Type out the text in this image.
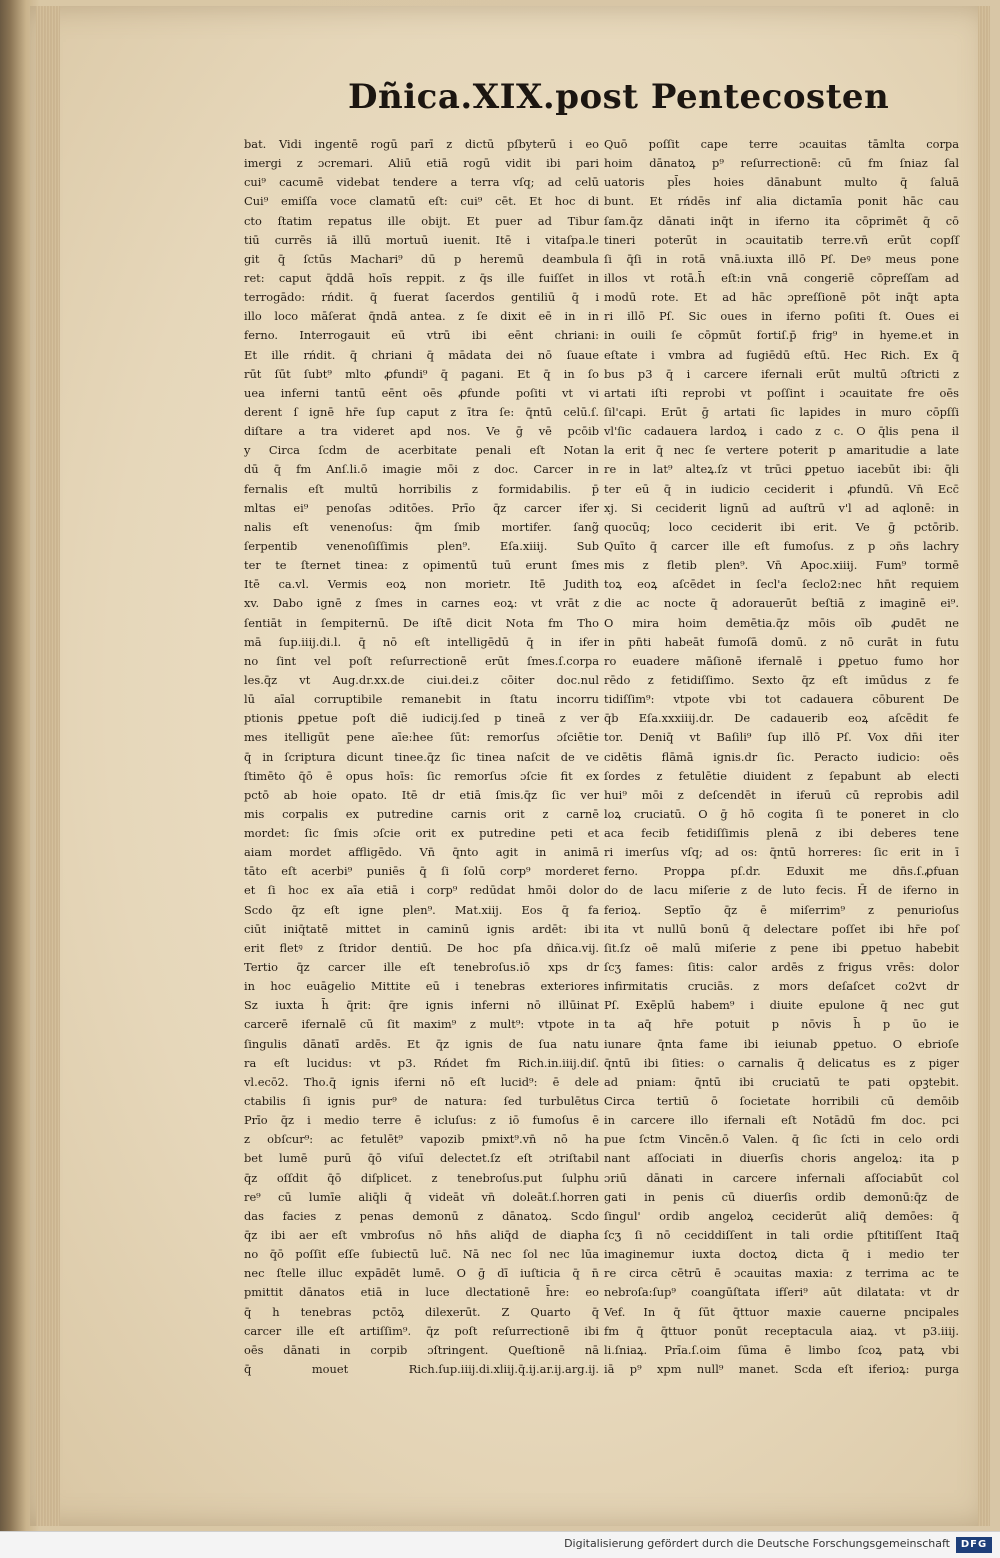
Dñica.XIX.post Pentecosten
bat. Vidi ingentē rogū parī z dictū pſbyterū i eo
imergi z ɔcremari. Aliū etiā rogū vidit ibi pari
cui⁹ cacumē videbat tendere a terra vſq; ad celū
Cui⁹ emiſſa voce clamatū eſt: cui⁹ cēt. Et hoc di
cto ſtatim repatus ille obijt. Et puer ad Tibur
tiū currēs iā illū mortuū iuenit. Itē i vitaſpa.le
git q̄ ſctūs Machari⁹ dū p heremū deambula
ret: caput q̄ddā hoīs reppit. z q̄s ille fuiſſet in
terrogādo: rńdit. q̄ fuerat ſacerdos gentiliū q̄ i
illo loco māſerat q̄ndā antea. z ſe dixit eē in in
ferno. Interrogauit eū vtrū ibi eēnt chriani:
Et ille rńdit. q̄ chriani q̄ mādata dei nō ſuaue
rūt ſūt ſubt⁹ mlto ꝓfundi⁹ q̄ pagani. Et q̄ in ſo
uea inferni tantū eēnt oēs ꝓfunde poſiti vt vi
derent ſ ignē hr̄e ſup caput z ītra ſe: q̄ntū celū.ſ.
diſtare a tra videret apd nos. Ve ḡ vē pcōib
y Circa ſcdm de acerbitate penali eſt Notan
dū q̄ fm Anſ.li.ō imagie mōi z doc. Carcer in
fernalis eſt multū horribilis z formidabilis. p̄
mltas ei⁹ penoſas ɔditōes. Prīo q̄z carcer ifer
nalis eſt venenoſus: q̄m ſmib mortifer. ſang̃
ſerpentib venenoſiſſimis plen⁹. Eſa.xiiij. Sub
ter te ſternet tinea: z opimentū tuū erunt ſmes
Itē ca.vl. Vermis eoꝝ non morietr. Itē Judith
xv. Dabo ignē z ſmes in carnes eoꝝ: vt vrāt z
ſentiāt in ſempiternū. De iſtē dicit Nota fm Tho
mā ſup.iiij.di.l. q̄ nō eſt intelligēdū q̄ in ifer
no ſint vel poſt reſurrectionē erūt ſmes.ſ.corpa
les.q̄z vt Aug.dr.xx.de ciui.dei.z cōiter doc.nul
lū aīal corruptibile remanebit in ſtatu incorru
ptionis ꝑpetue poſt diē iudicij.ſed p tineā z ver
mes itelligūt pene aīe:hee ſūt: remorſus ɔſciētie
q̄ in ſcriptura dicunt tinee.q̄z ſic tinea naſcit de ve
ſtimēto q̄ō ē opus hoīs: ſic remorſus ɔſcie fit ex
pctō ab hoie opato. Itē dr etiā ſmis.q̄z ſic ver
mis corpalis ex putredine carnis orit z carnē
mordet: ſic ſmis ɔſcie orit ex putredine peti et
aiam mordet affligēdo. Vn̄ q̄nto agit in animā
tāto eſt acerbi⁹ puniēs q̄ ſi ſolū corp⁹ morderet
et ſi hoc ex aīa etiā i corp⁹ redūdat hmōi dolor
Scdo q̄z eſt igne plen⁹. Mat.xiij. Eos q̄ fa
ciūt iniq̄tatē mittet in caminū ignis ardēt: ibi
erit fletꝰ z ſtridor dentiū. De hoc pſa dñica.vij.
Tertio q̄z carcer ille eſt tenebroſus.iō xps dr
in hoc euāgelio Mittite eū i tenebras exteriores
Sz iuxta h̄ q̄rit: q̄re ignis inferni nō illūinat
carcerē ifernalē cū ſit maxim⁹ z mult⁹: vtpote in
ſingulis dānatī ardēs. Et q̄z ignis de ſua natu
ra eſt lucidus: vt p3. Rńdet fm Rich.in.iiij.diſ.
vl.ecō2. Tho.q̄ ignis iferni nō eſt lucid⁹: ē dele
ctabilis ſi ignis pur⁹ de natura: ſed turbulētus
Prīo q̄z i medio terre ē icluſus: z iō fumoſus ē
z obſcur⁹: ac fetulēt⁹ vapozib pmixt⁹.vn̄ nō ha
bet lumē purū q̄ō viſuī delectet.ſz eſt ɔtriſtabil
q̄z oſſdit q̄ō diſplicet. z tenebroſus.put ſulphu
re⁹ cū lumīe aliq̄li q̄ videāt vn̄ doleāt.ſ.horren
das facies z penas demonū z dānatoꝝ. Scdo
q̄z ibi aer eſt vmbroſus nō hn̄s aliq̄d de diapha
no q̄ō poſſit eſſe ſubiectū luc̄. Nā nec ſol nec lūa
nec ſtelle illuc expādēt lumē. O ḡ dī iuſticia q̄ n̄
pmittit dānatos etiā in luce dlectationē h̄re: eo
q̄ h tenebras pctōꝝ dilexerūt. Z Quarto q̄
carcer ille eſt artiſſim⁹. q̄z poſt reſurrectionē ibi
oēs dānati in corpib ɔſtringent. Queſtionē nā
q̄ mouet Rich.ſup.iiij.di.xliij.q̄.ij.ar.ij.arg.ij.
Quō poſſit cape terre ɔcauitas tāmlta corpa
hoim dānatoꝝ p⁹ reſurrectionē: cū fm ſniaz ſal
uatoris pl̄es hoies dānabunt multo q̄ ſaluā
bunt. Et rńdēs inf alia dictamīa ponit hāc cau
ſam.q̄z dānati inq̄t in iferno ita cōprimēt q̄ cō
tineri poterūt in ɔcauitatib terre.vn̄ erūt copſſ
ſi q̄ſi in rotā vnā.iuxta illō Pſ. Deꝰ meus pone
illos vt rotā.h̄ eſt:in vnā congeriē cōpreſſam ad
modū rote. Et ad hāc ɔpreſſionē pōt inq̄t apta
ri illō Pſ. Sic oues in iferno poſiti ſt. Oues ei
in ouili ſe cōpmūt fortiſ.p̄ frig⁹ in hyeme.et in
eſtate i vmbra ad fugiēdū eſtū. Hec Rich. Ex q̄
bus p3 q̄ i carcere ifernali erūt multū ɔſtricti z
artati iſti reprobi vt poſſint i ɔcauitate fre oēs
ſil'capi. Erūt ḡ artati ſic lapides in muro cōpſſi
vl'ſic cadauera lardoꝝ i cado z c. O q̄lis pena il
la erit q̄ nec ſe vertere poterit p amaritudie a late
re in lat⁹ alteꝝ.ſz vt trūci ꝑpetuo iacebūt ibi: q̄li
ter eū q̄ in iudicio ceciderit i ꝓfundū. Vn̄ Ecc̄
xj. Si ceciderit lignū ad auſtrū v'l ad aqlonē: in
quocūq; loco ceciderit ibi erit. Ve ḡ pctōrib.
Quīto q̄ carcer ille eſt fumoſus. z p ɔn̄s lachry
mis z fletib plen⁹. Vn̄ Apoc.xiiij. Fum⁹ tormē
toꝝ eoꝝ aſcēdet in ſecl'a ſeclo2:nec hn̄t requiem
die ac nocte q̄ adorauerūt beſtiā z imaginē ei⁹.
O mira hoim demētia.q̄z mōis oīb ꝓudēt ne
in pn̄ti habeāt fumoſā domū. z nō curāt in futu
ro euadere māſionē ifernalē i ꝑpetuo fumo hor
rēdo z fetidiſſimo. Sexto q̄z eſt imūdus z fe
tidiſſim⁹: vtpote vbi tot cadauera cōburent De
q̄b Eſa.xxxiiij.dr. De cadauerib eoꝝ aſcēdit fe
tor. Deniq̄ vt Baſili⁹ ſup illō Pſ. Vox dn̄i iter
cidētis flāmā ignis.dr ſic. Peracto iudicio: oēs
ſordes z fetulētie diuident z ſepabunt ab electi
hui⁹ mōi z deſcendēt in iferuū cū reprobis adil
loꝝ cruciatū. O ḡ hō cogita ſi te poneret in clo
aca fecib fetidiſſimis plenā z ibi deberes tene
ri imerſus vſq; ad os: q̄ntū horreres: ſic erit in ī
ferno. Propꝑa pſ.dr. Eduxit me dn̄s.ſ.ꝓfuan
do de lacu miſerie z de luto fecis. H̄ de iferno in
ferioꝝ. Septīo q̄z ē miſerrim⁹ z penurioſus
ita vt nullū bonū q̄ delectare poſſet ibi hr̄e poſ
ſit.ſz oē malū miſerie z pene ibi ꝑpetuo habebit
ſcʒ fames: ſitis: calor ardēs z frigus vrēs: dolor
infirmitatis cruciās. z mors deſaſcet co2vt dr
Pſ. Exēplū habem⁹ i diuite epulone q̄ nec gut
ta aq̄ hr̄e potuit p nōvis h̄ p ūo ie
iunare q̄nta fame ibi ieiunab ꝑpetuo. O ebrioſe
q̄ntū ibi ſities: o carnalis q̄ delicatus es z piger
ad pniam: q̄ntū ibi cruciatū te pati opꝫtebit.
Circa tertiū ō ſocietate horribili cū demōib
in carcere illo ifernali eſt Notādū fm doc. pci
pue ſctm Vincēn.ō Valen. q̄ ſic ſcti in celo ordi
nant aſſociati in diuerſis choris angeloꝝ: ita p
ɔriū dānati in carcere infernali aſſociabūt col
gati in penis cū diuerſis ordib demonū:q̄z de
ſingul' ordib angeloꝝ ceciderūt aliq̄ demōes: q̄
ſcʒ ſi nō ceciddiſſent in tali ordie pſtitiſſent Itaq̄
imaginemur iuxta doctoꝝ dicta q̄ i medio ter
re circa cētrū ē ɔcauitas maxia: z terrima ac te
nebroſa:ſup⁹ coangūſtata ifſeri⁹ aūt dilatata: vt dr
Vef. In q̄ ſūt q̄ttuor maxie cauerne pncipales
fm q̄ q̄ttuor ponūt receptacula aiaꝝ. vt p3.iiij.
li.ſniaꝝ. Prīa.ſ.oim ſūma ē limbo ſcoꝝ patꝝ vbi
iā p⁹ xpm null⁹ manet. Scda eſt iferioꝝ: purga
Digitalisierung gefördert durch die Deutsche Forschungsgemeinschaft	DFG
